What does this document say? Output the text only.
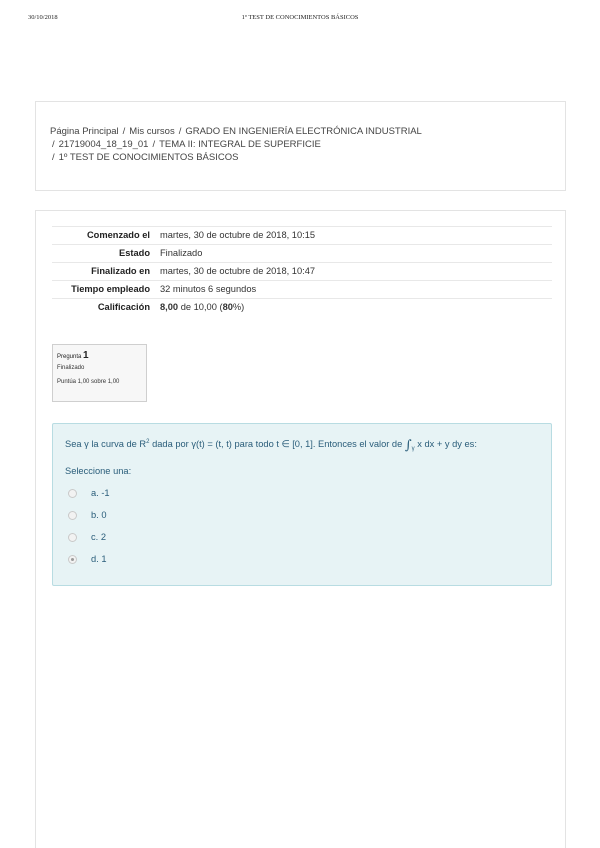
30/10/2018	1º TEST DE CONOCIMIENTOS BÁSICOS
Página Principal / Mis cursos / GRADO EN INGENIERÍA ELECTRÓNICA INDUSTRIAL
/ 21719004_18_19_01 / TEMA II: INTEGRAL DE SUPERFICIE
/ 1º TEST DE CONOCIMIENTOS BÁSICOS
Comenzado el	martes, 30 de octubre de 2018, 10:15
Estado	Finalizado
Finalizado en	martes, 30 de octubre de 2018, 10:47
Tiempo empleado	32 minutos 6 segundos
Calificación	8,00 de 10,00 (80%)
Pregunta 1
Finalizado
Puntúa 1,00 sobre 1,00
Sea γ la curva de $R^2$ dada por γ(t) = (t, t) para todo t ∈ [0, 1]. Entonces el valor de $\int_\gamma$ x dx + y dy es:
Seleccione una:
a. -1
b. 0
c. 2
d. 1
